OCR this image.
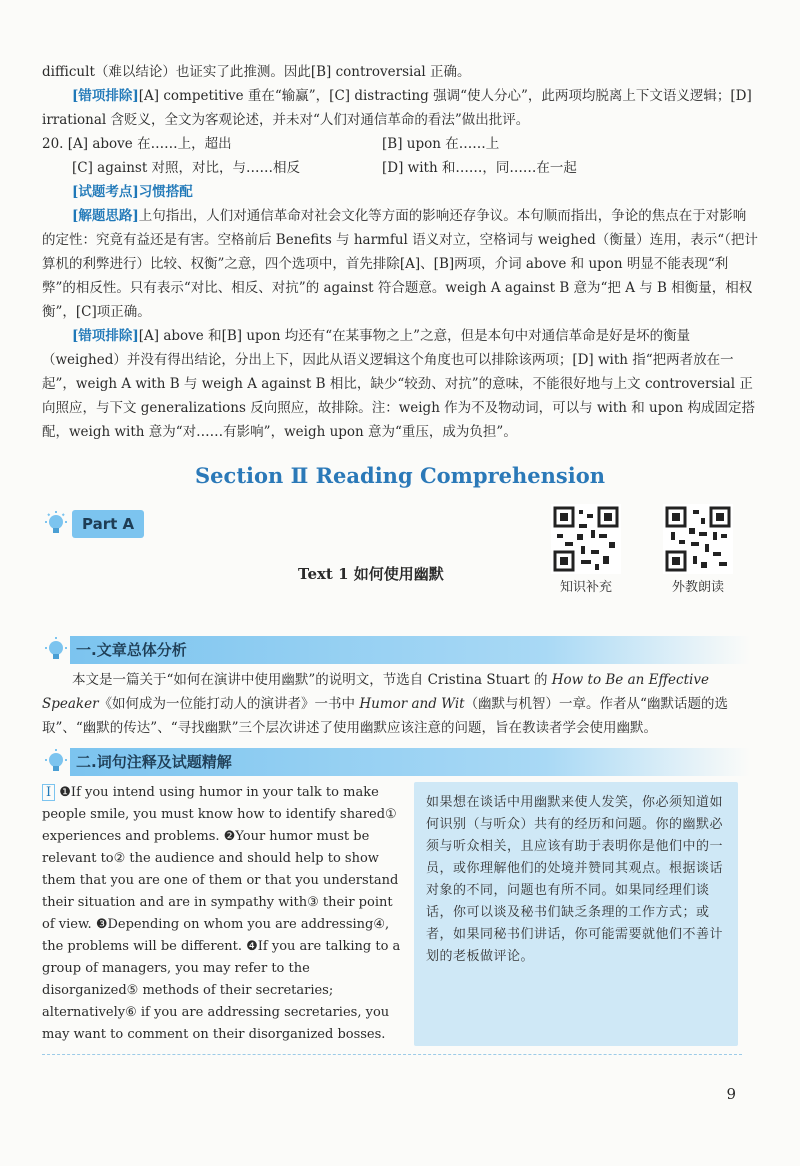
difficult（难以结论）也证实了此推测。因此[B] controversial 正确。

[错项排除][A] competitive 重在“输赢”，[C] distracting 强调“使人分心”，此两项均脱离上下文语义逻辑；[D] irrational 含贬义，全文为客观论述，并未对“人们对通信革命的看法”做出批评。

20. [A] above 在……上，超出	[B] upon 在……上
[C] against 对照，对比，与……相反	[D] with 和……，同……在一起

[试题考点]习惯搭配

[解题思路]上句指出，人们对通信革命对社会文化等方面的影响还存争议。本句顺而指出，争论的焦点在于对影响的定性：究竟有益还是有害。空格前后 Benefits 与 harmful 语义对立，空格词与 weighed（衡量）连用，表示“（把计算机的利弊进行）比较、权衡”之意，四个选项中，首先排除[A]、[B]两项，介词 above 和 upon 明显不能表现“利弊”的相反性。只有表示“对比、相反、对抗”的 against 符合题意。weigh A against B 意为“把 A 与 B 相衡量，相权衡”，[C]项正确。

[错项排除][A] above 和[B] upon 均还有“在某事物之上”之意，但是本句中对通信革命是好是坏的衡量（weighed）并没有得出结论，分出上下，因此从语义逻辑这个角度也可以排除该两项；[D] with 指“把两者放在一起”，weigh A with B 与 weigh A against B 相比，缺少“较劲、对抗”的意味，不能很好地与上文 controversial 正向照应，与下文 generalizations 反向照应，故排除。注：weigh 作为不及物动词，可以与 with 和 upon 构成固定搭配，weigh with 意为“对……有影响”，weigh upon 意为“重压，成为负担”。

Section Ⅱ Reading Comprehension
Part A
Text 1 如何使用幽默
知识补充	外教朗读
一.文章总体分析

本文是一篇关于“如何在演讲中使用幽默”的说明文，节选自 Cristina Stuart 的 How to Be an Effective Speaker《如何成为一位能打动人的演讲者》一书中 Humor and Wit（幽默与机智）一章。作者从“幽默话题的选取”、“幽默的传达”、“寻找幽默”三个层次讲述了使用幽默应该注意的问题，旨在教读者学会使用幽默。

二.词句注释及试题精解
Ⅰ ❶If you intend using humor in your talk to make people smile, you must know how to identify shared① experiences and problems. ❷Your humor must be relevant to② the audience and should help to show them that you are one of them or that you understand their situation and are in sympathy with③ their point of view. ❸Depending on whom you are addressing④, the problems will be different. ❹If you are talking to a group of managers, you may refer to the disorganized⑤ methods of their secretaries; alternatively⑥ if you are addressing secretaries, you may want to comment on their disorganized bosses.
如果想在谈话中用幽默来使人发笑，你必须知道如何识别（与听众）共有的经历和问题。你的幽默必须与听众相关，且应该有助于表明你是他们中的一员，或你理解他们的处境并赞同其观点。根据谈话对象的不同，问题也有所不同。如果同经理们谈话，你可以谈及秘书们缺乏条理的工作方式；或者，如果同秘书们讲话，你可能需要就他们不善计划的老板做评论。
9
